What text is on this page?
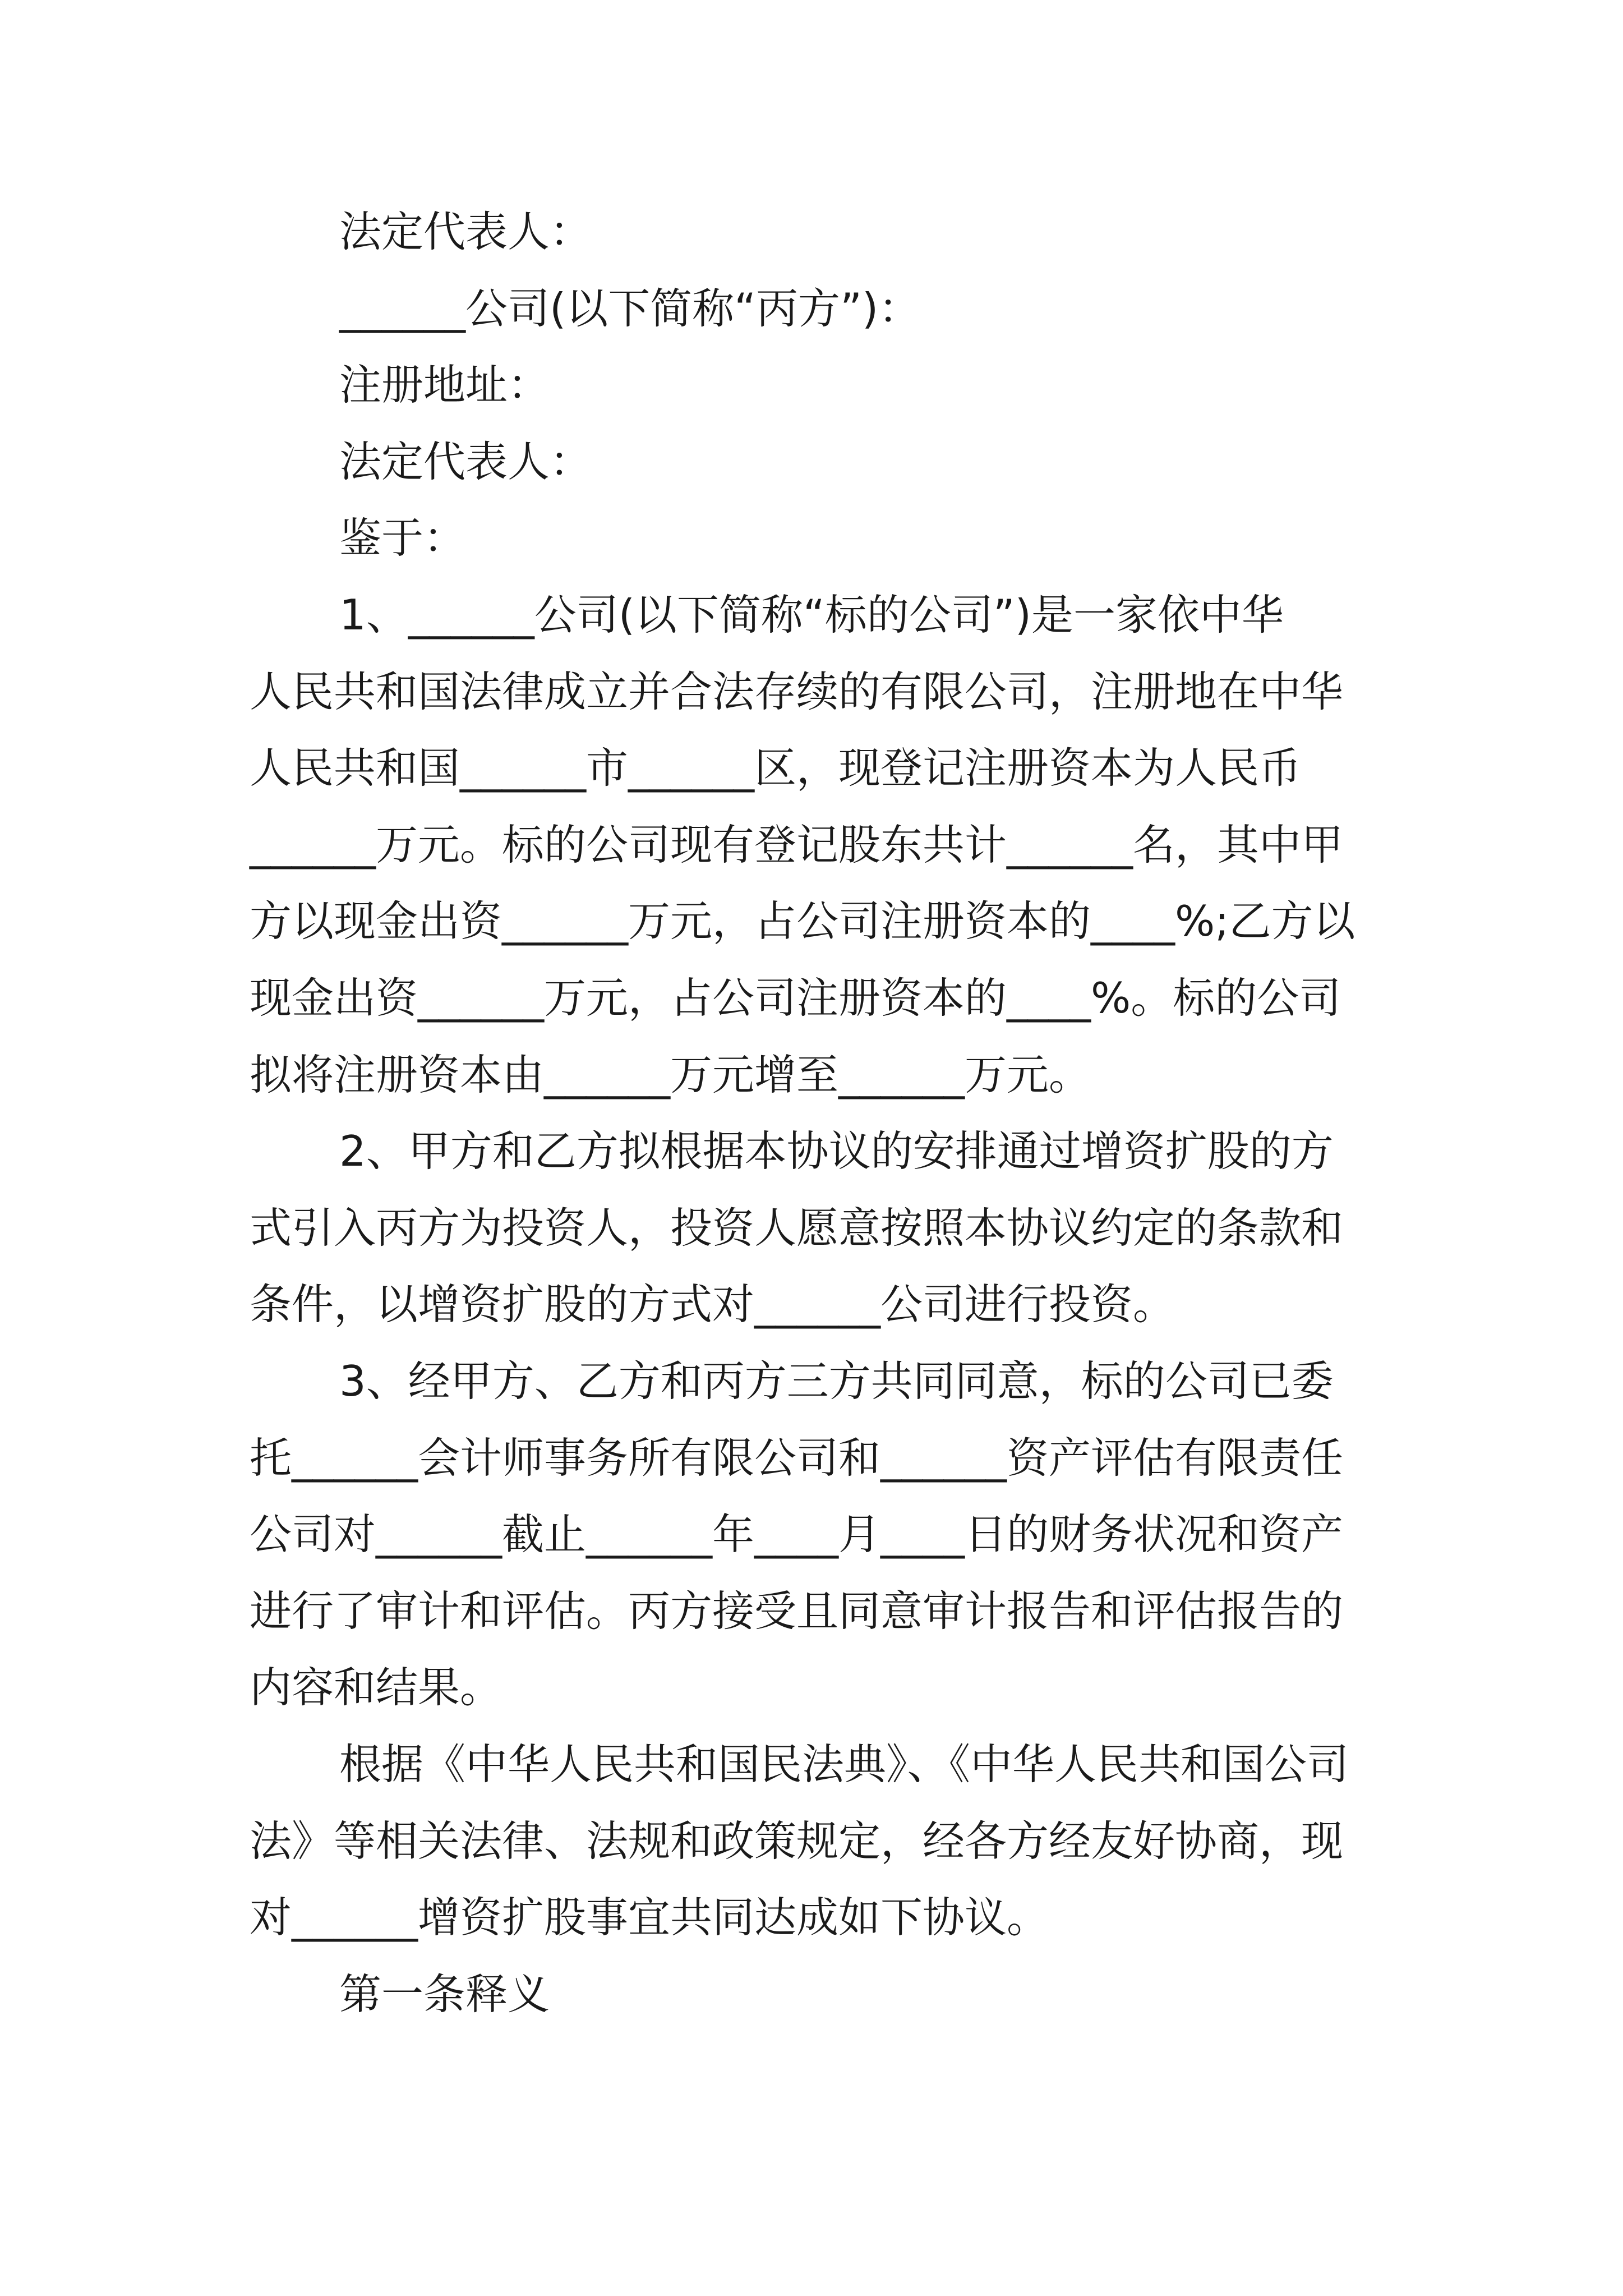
法定代表人：
______公司(以下简称“丙方”)：
注册地址：
法定代表人：
鉴于：
1、______公司(以下简称“标的公司”)是一家依中华
人民共和国法律成立并合法存续的有限公司，注册地在中华
人民共和国______市______区，现登记注册资本为人民币
______万元。标的公司现有登记股东共计______名，其中甲
方以现金出资______万元，占公司注册资本的____%;乙方以
现金出资______万元，占公司注册资本的____%。标的公司
拟将注册资本由______万元增至______万元。
2、甲方和乙方拟根据本协议的安排通过增资扩股的方
式引入丙方为投资人，投资人愿意按照本协议约定的条款和
条件，以增资扩股的方式对______公司进行投资。
3、经甲方、乙方和丙方三方共同同意，标的公司已委
托______会计师事务所有限公司和______资产评估有限责任
公司对______截止______年____月____日的财务状况和资产
进行了审计和评估。丙方接受且同意审计报告和评估报告的
内容和结果。
根据《中华人民共和国民法典》、《中华人民共和国公司
法》等相关法律、法规和政策规定，经各方经友好协商，现
对______增资扩股事宜共同达成如下协议。
第一条释义
